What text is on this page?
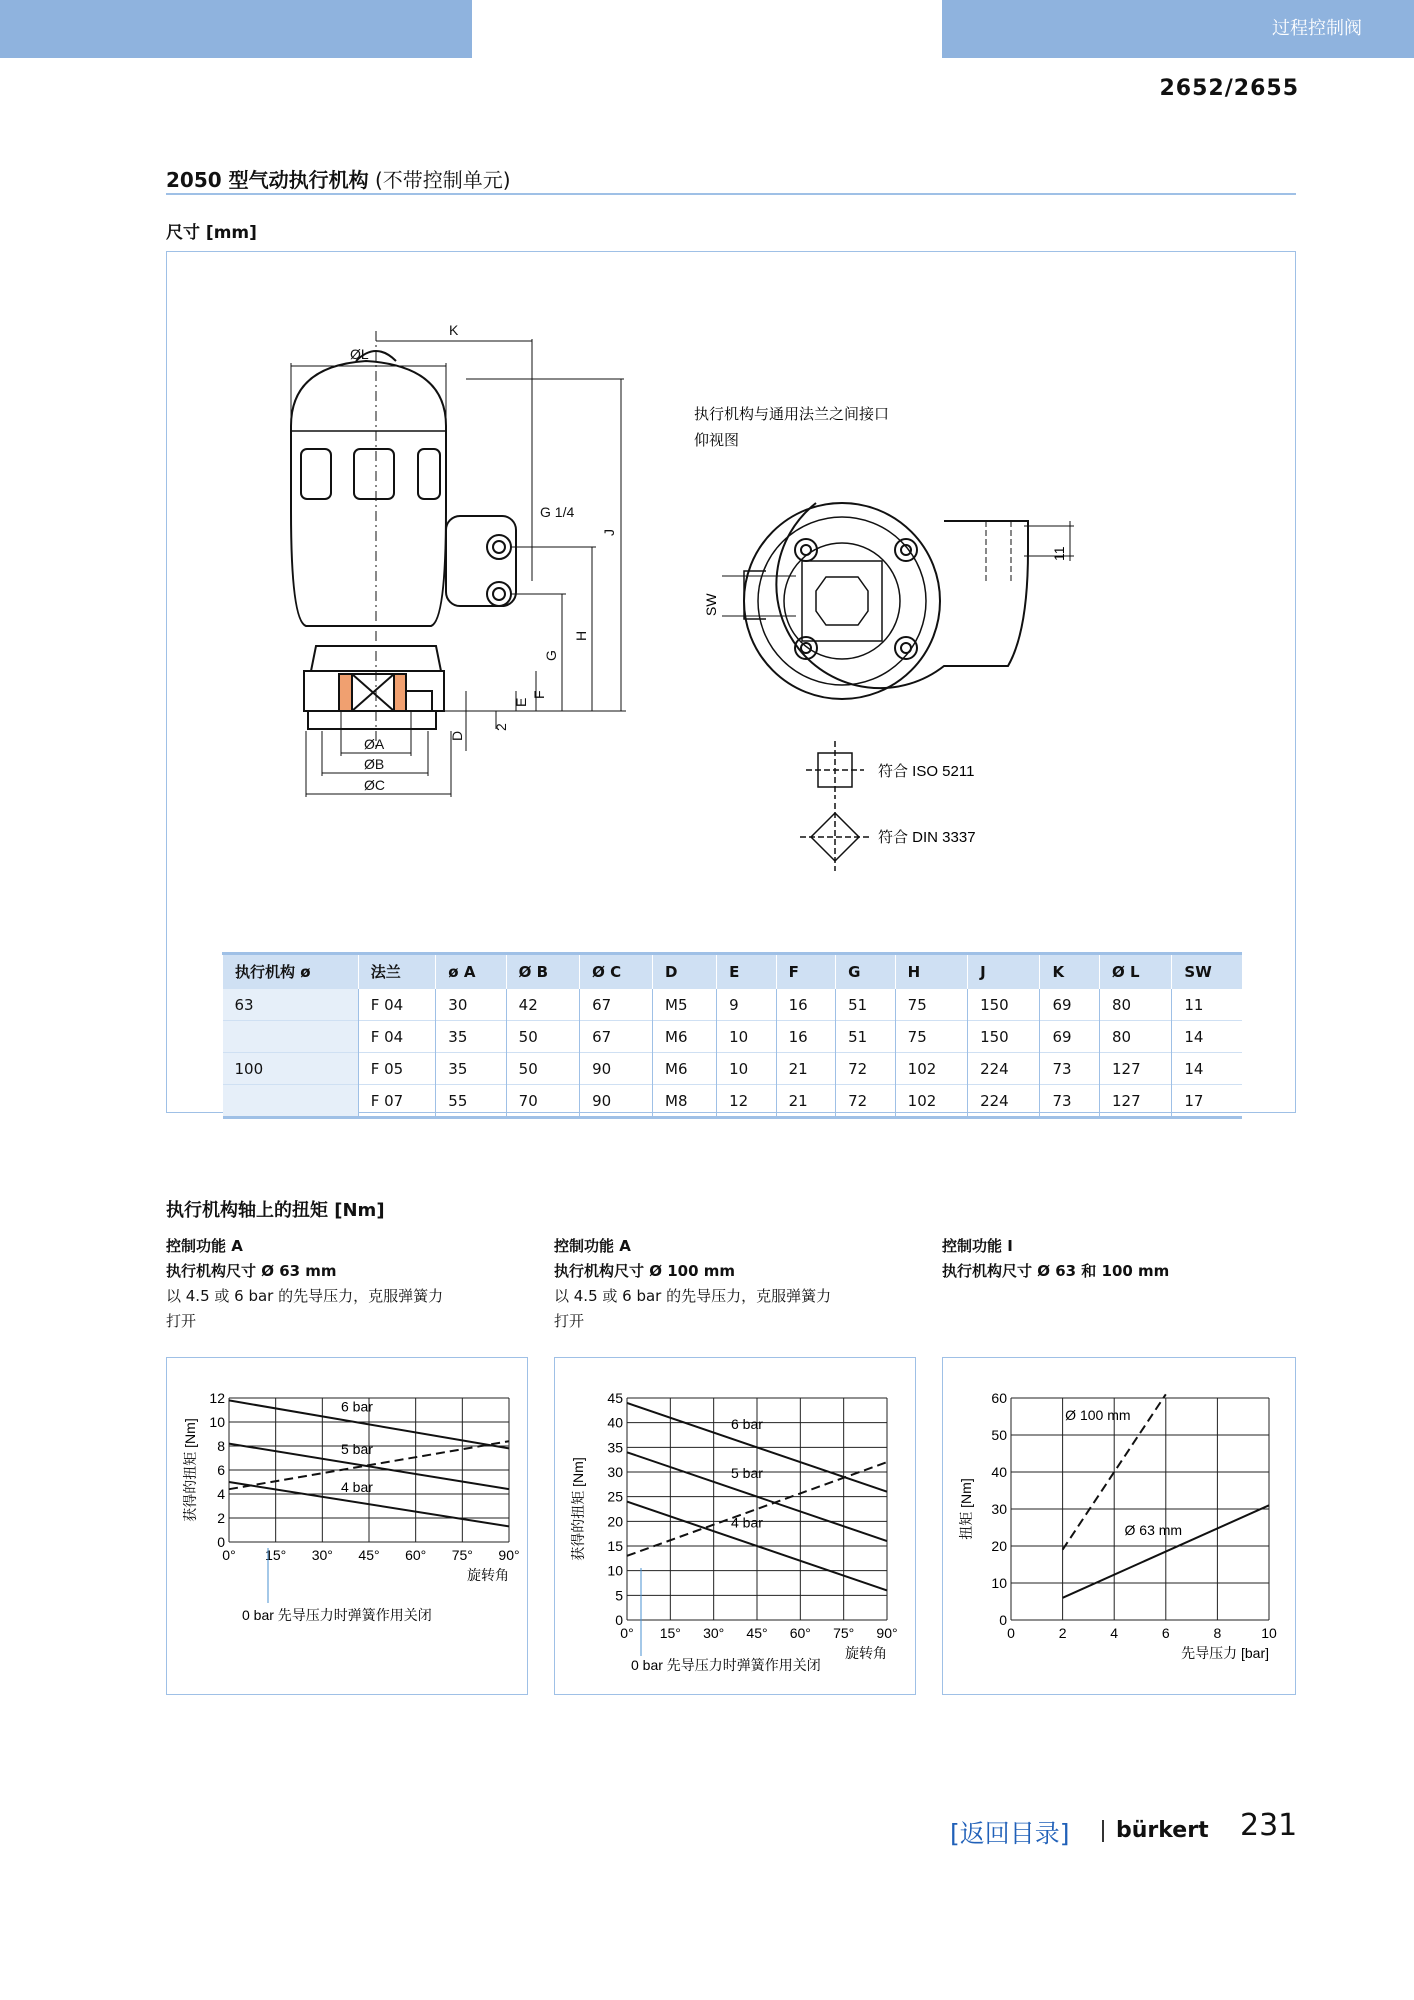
过程控制阀
2652/2655
2050 型气动执行机构 (不带控制单元)
尺寸 [mm]
ØL
K
G 1/4
J
H
G
F
E
D
2
ØA
ØB
ØC
执行机构与通用法兰之间接口
仰视图
SW
11
符合 ISO 5211
符合 DIN 3337
执行机构 ø	法兰	ø A	Ø B	Ø C	D	E	F	G	H	J	K	Ø L	SW
63	F 04	30	42	67	M5	9	16	51	75	150	69	80	11
	F 04	35	50	67	M6	10	16	51	75	150	69	80	14
100	F 05	35	50	90	M6	10	21	72	102	224	73	127	14
	F 07	55	70	90	M8	12	21	72	102	224	73	127	17
执行机构轴上的扭矩 [Nm]
控制功能 A
执行机构尺寸 Ø 63 mm
以 4.5 或 6 bar 的先导压力，克服弹簧力
打开
控制功能 A
执行机构尺寸 Ø 100 mm
以 4.5 或 6 bar 的先导压力，克服弹簧力
打开
控制功能 I
执行机构尺寸 Ø 63 和 100 mm
0° 15° 30° 45° 60° 75° 90°
0
2
4
6
8
10
12
获得的扭矩 [Nm]
旋转角
6 bar
5 bar
4 bar
0 bar 先导压力时弹簧作用关闭
0° 15° 30° 45° 60° 75° 90°
0
5
10
15
20
25
30
35
40
45
获得的扭矩 [Nm]
旋转角
6 bar
5 bar
4 bar
0 bar 先导压力时弹簧作用关闭
0	2	4	6	8	10
0
10
20
30
40
50
60
扭矩 [Nm]
先导压力 [bar]
Ø 100 mm
Ø 63 mm
[返回目录] bürkert 231
